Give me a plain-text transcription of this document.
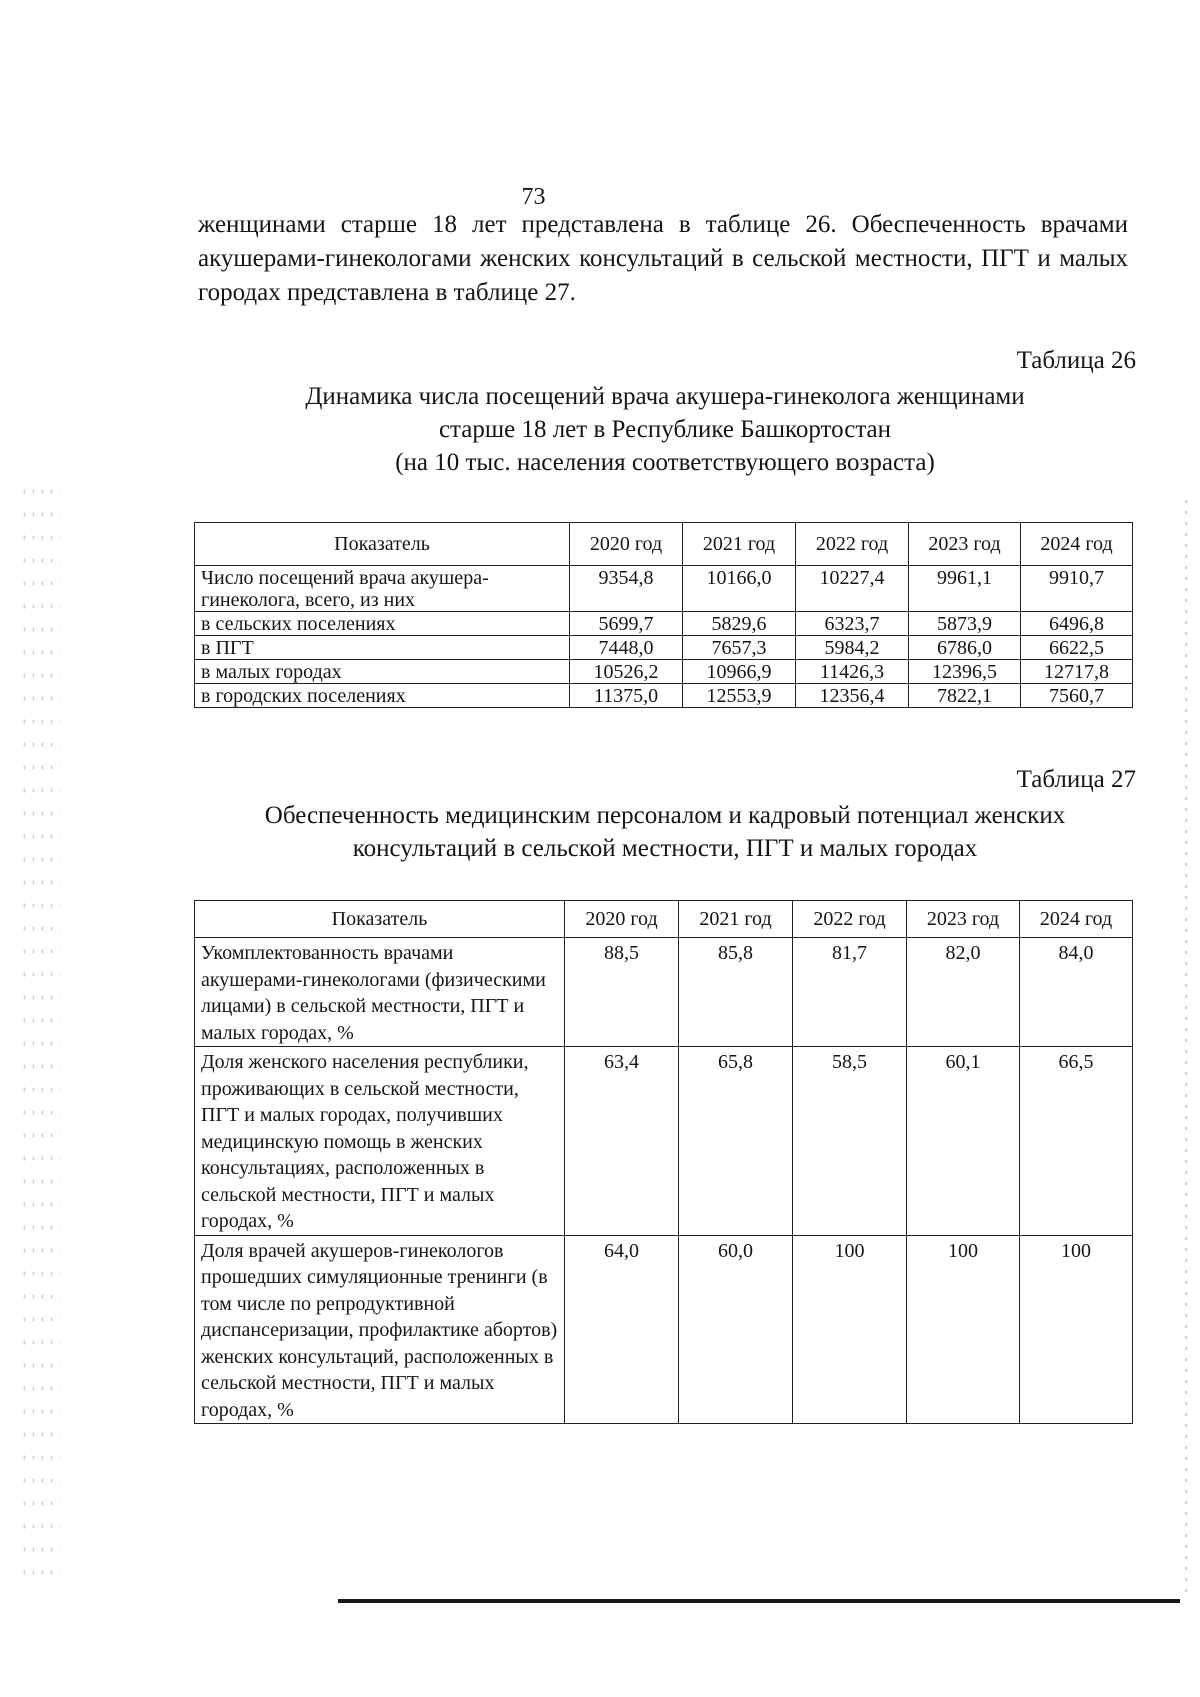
73

женщинами старше 18 лет представлена в таблице 26. Обеспеченность врачами акушерами-гинекологами женских консультаций в сельской местности, ПГТ и малых городах представлена в таблице 27.

Таблица 26
Динамика числа посещений врача акушера-гинеколога женщинами
старше 18 лет в Республике Башкортостан
(на 10 тыс. населения соответствующего возраста)
Показатель	2020 год	2021 год	2022 год	2023 год	2024 год
Число посещений врача акушера-гинеколога, всего, из них	9354,8	10166,0	10227,4	9961,1	9910,7
в сельских поселениях	5699,7	5829,6	6323,7	5873,9	6496,8
в ПГТ	7448,0	7657,3	5984,2	6786,0	6622,5
в малых городах	10526,2	10966,9	11426,3	12396,5	12717,8
в городских поселениях	11375,0	12553,9	12356,4	7822,1	7560,7
Таблица 27
Обеспеченность медицинским персоналом и кадровый потенциал женских
консультаций в сельской местности, ПГТ и малых городах
Показатель	2020 год	2021 год	2022 год	2023 год	2024 год
Укомплектованность врачами акушерами-гинекологами (физическими лицами) в сельской местности, ПГТ и малых городах, %	88,5	85,8	81,7	82,0	84,0
Доля женского населения республики, проживающих в сельской местности, ПГТ и малых городах, получивших медицинскую помощь в женских консультациях, расположенных в сельской местности, ПГТ и малых городах, %	63,4	65,8	58,5	60,1	66,5
Доля врачей акушеров-гинекологов прошедших симуляционные тренинги (в том числе по репродуктивной диспансеризации, профилактике абортов) женских консультаций, расположенных в сельской местности, ПГТ и малых городах, %	64,0	60,0	100	100	100
